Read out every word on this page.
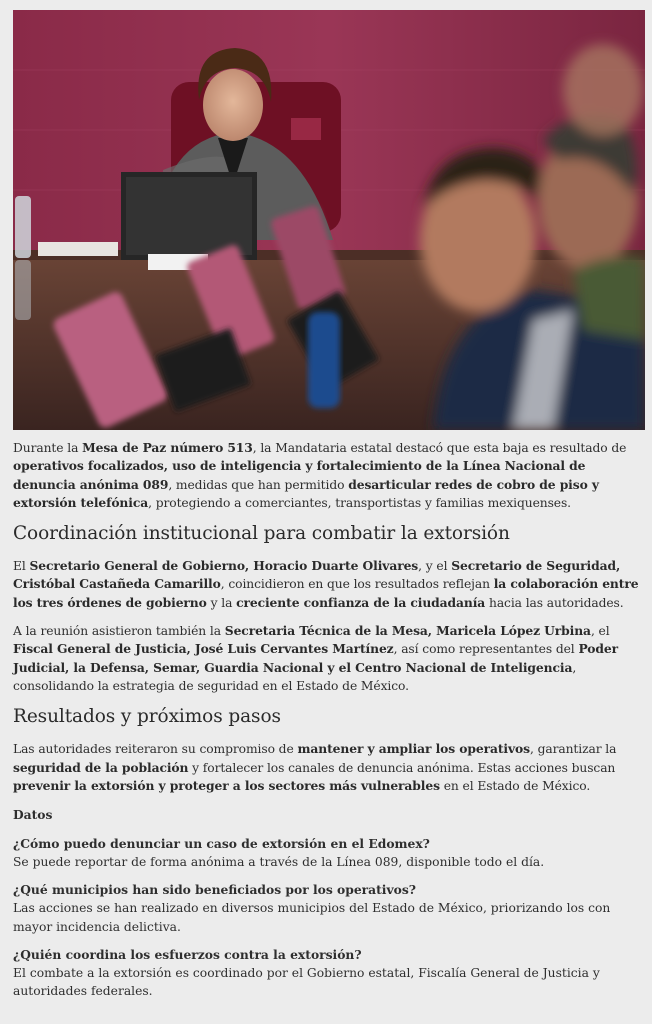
Durante la Mesa de Paz número 513, la Mandataria estatal destacó que esta baja es resultado de operativos focalizados, uso de inteligencia y fortalecimiento de la Línea Nacional de denuncia anónima 089, medidas que han permitido desarticular redes de cobro de piso y extorsión telefónica, protegiendo a comerciantes, transportistas y familias mexiquenses.

Coordinación institucional para combatir la extorsión

El Secretario General de Gobierno, Horacio Duarte Olivares, y el Secretario de Seguridad, Cristóbal Castañeda Camarillo, coincidieron en que los resultados reflejan la colaboración entre los tres órdenes de gobierno y la creciente confianza de la ciudadanía hacia las autoridades.

A la reunión asistieron también la Secretaria Técnica de la Mesa, Maricela López Urbina, el Fiscal General de Justicia, José Luis Cervantes Martínez, así como representantes del Poder Judicial, la Defensa, Semar, Guardia Nacional y el Centro Nacional de Inteligencia, consolidando la estrategia de seguridad en el Estado de México.

Resultados y próximos pasos

Las autoridades reiteraron su compromiso de mantener y ampliar los operativos, garantizar la seguridad de la población y fortalecer los canales de denuncia anónima. Estas acciones buscan prevenir la extorsión y proteger a los sectores más vulnerables en el Estado de México.

Datos
¿Cómo puedo denunciar un caso de extorsión en el Edomex?
Se puede reportar de forma anónima a través de la Línea 089, disponible todo el día.
¿Qué municipios han sido beneficiados por los operativos?
Las acciones se han realizado en diversos municipios del Estado de México, priorizando los con mayor incidencia delictiva.
¿Quién coordina los esfuerzos contra la extorsión?
El combate a la extorsión es coordinado por el Gobierno estatal, Fiscalía General de Justicia y autoridades federales.
